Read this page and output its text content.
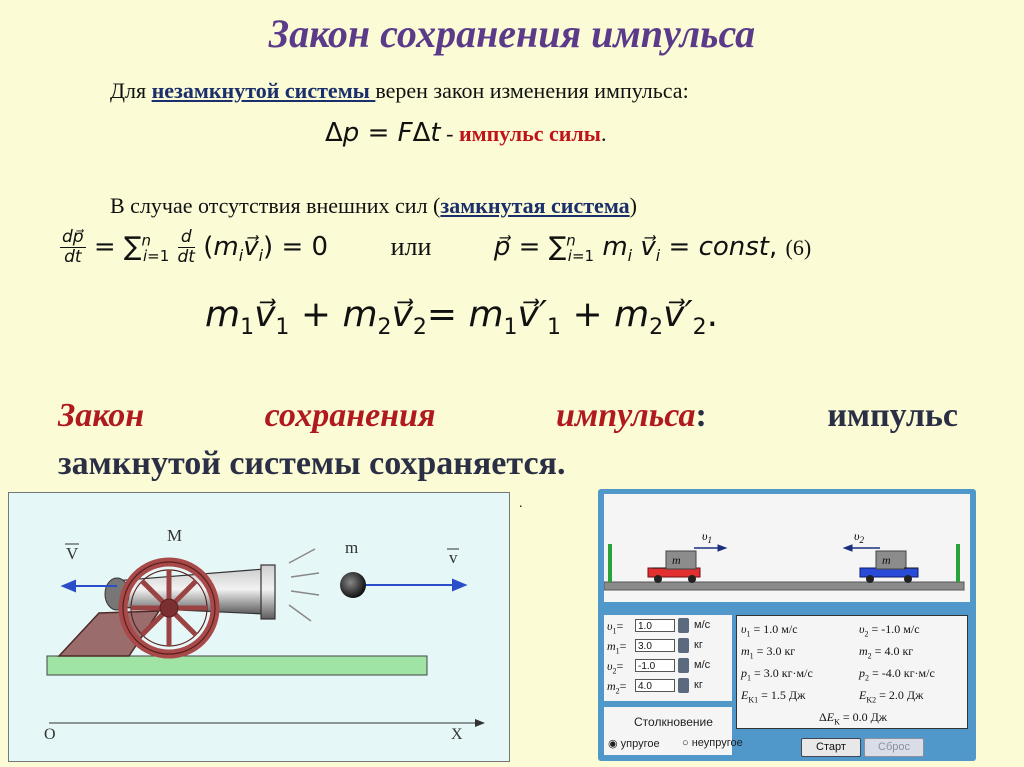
Закон сохранения импульса
Для незамкнутой системы верен закон изменения импульса:
Δp = FΔt - импульс силы.
В случае отсутствия внешних сил (замкнутая система)
$\frac{dp⃗}{dt} = \sum^n_{i=1} \frac{d}{dt}$ $(m_iv⃗_i) = 0$  или p⃗ = ∑$^n_{i=1}$ $m_i$ $v⃗_i$ = const, (6)
$m_1v⃗_1$ + $m_2v⃗_2=$ $m_1v⃗'_1$ + $m_2v⃗'_2$.
Закон	сохранения	импульса:	импульс
замкнутой системы сохраняется.
.
V	v
M
m
O	X
m
$\upsilon_1$
m
$\upsilon_2$
$\upsilon_1=$	1.0	м/с
$m_1=$	3.0	кг
$\upsilon_2=$	-1.0	м/с
$m_2=$	4.0	кг
Столкновение
◉ упругое ○ неупругое
$\upsilon_1 = 1.0$ м/с	$\upsilon_2 = -1.0$ м/с
$m_1 = 3.0$ кг	$m_2 = 4.0$ кг
$p_1 = 3.0$ кг·м/с	$p_2 = -4.0$ кг·м/с
$E_{K1} = 1.5$ Дж	$E_{K2} = 2.0$ Дж
$\Delta E_K = 0.0$ Дж
Старт	Сброс
